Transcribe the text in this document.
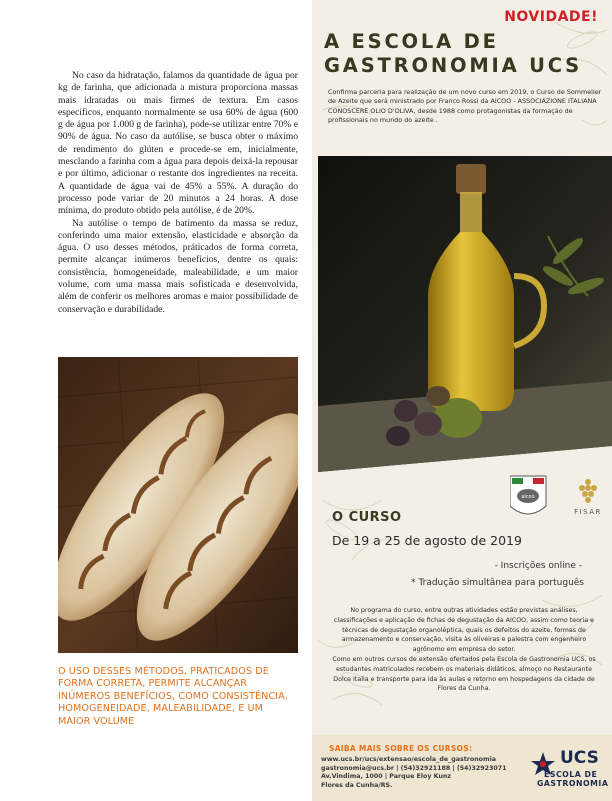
No caso da hidratação, falamos da quantidade de água por kg de farinha, que adicionada a mistura proporciona massas mais idratadas ou mais firmes de textura. Em casos específicos, enquanto normalmente se usa 60% de água (600 g de água por 1.000 g de farinha), pode-se utilizar entre 70% e 90% de água. No caso da autólise, se busca obter o máximo de rendimento do glúten e procede-se em, inicialmente, mesclando a farinha com a água para depois deixá-la repousar e por último, adicionar o restante dos ingredientes na receita. A quantidade de água vai de 45% a 55%. A duração do processo pode variar de 20 minutos a 24 horas. A dose mínima, do produto obtido pela autólise, é de 20%.

Na autólise o tempo de batimento da massa se reduz, conferindo uma maior extensão, elasticidade e absorção da água. O uso desses métodos, práticados de forma correta, permite alcançar inúmeros benefícios, dentre os quais: consistência, homogeneidade, maleabilidade, e um maior volume, com uma massa mais sofisticada e desenvolvida, além de conferir os melhores aromas e maior possibilidade de conservação e durabilidade.

O USO DESSES MÉTODOS, PRATICADOS DE FORMA CORRETA, PERMITE ALCANÇAR INÚMEROS BENEFÍCIOS, COMO CONSISTÊNCIA, HOMOGENEIDADE, MALEABILIDADE, E UM MAIOR VOLUME
NOVIDADE!
A ESCOLA DE
GASTRONOMIA UCS
Confirma parceria para realização de um novo curso em 2019, o Curso de Sommelier de Azeite que será ministrado por Franco Rossi da AICOO - ASSOCIAZIONE ITALIANA CONOSCERE OLIO D'OLIVA, desde 1988 como protagonistas da formação de profissionais no mundo do azeite .
aicoo
FISAR
O CURSO
De 19 a 25 de agosto de 2019
- Inscrições online -
* Tradução simultânea para português

No programa do curso, entre outras atividades estão previstas análises, classificações e aplicação de fichas de degustação da AICOO, assim como teoria e técnicas de degustação organoléptica, quais os defeitos do azeite, formas de armazenamento e conservação, visita às oliveiras e palestra com engenheiro agrônomo em empresa do setor.

Como em outros cursos de extensão ofertados pela Escola de Gastronomia UCS, os estudantes matriculados recebem os materiais didáticos, almoço no Restaurante Dolce Italia e transporte para ida às aulas e retorno em hospedagens da cidade de Flores da Cunha.

SAIBA MAIS SOBRE OS CURSOS:
www.ucs.br/ucs/extensao/escola_de_gastronomia
gastronomia@ucs.br | (54)32921188 | (54)32923071
Av.Vindima, 1000 | Parque Eloy Kunz
Flores da Cunha/RS.
UCS
ESCOLA DE
GASTRONOMIA
